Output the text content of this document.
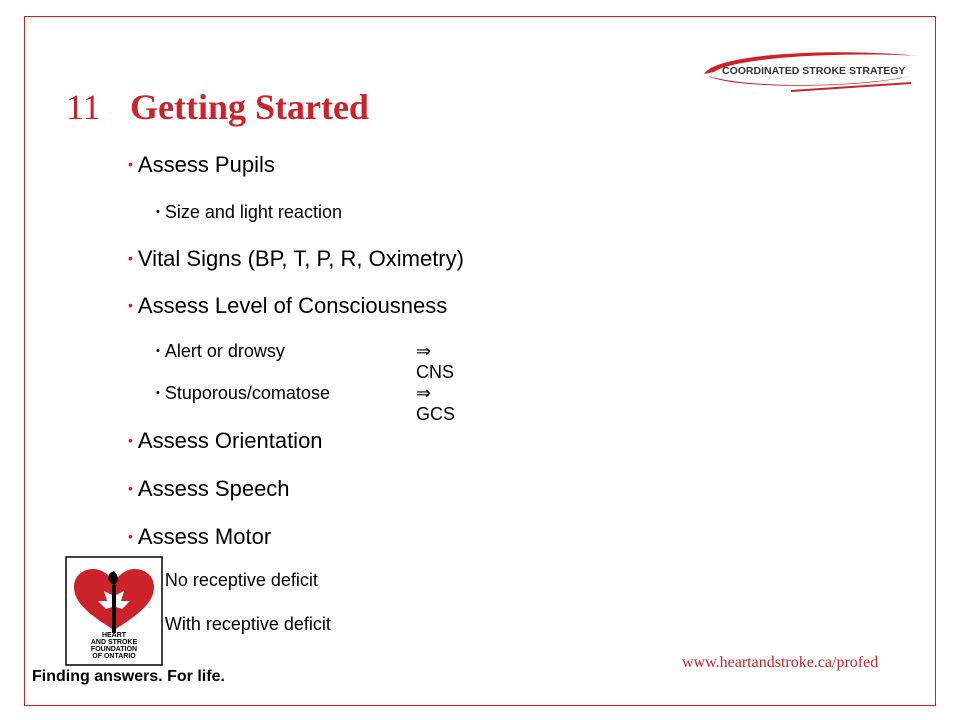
COORDINATED STROKE STRATEGY
11 Getting Started
• Assess Pupils
• Size and light reaction
• Vital Signs (BP, T, P, R, Oximetry)
• Assess Level of Consciousness
• Alert or drowsy	⇒ CNS
• Stuporous/comatose	⇒ GCS
• Assess Orientation
• Assess Speech
• Assess Motor
No receptive deficit
With receptive deficit
HEART
AND STROKE
FOUNDATION
OF ONTARIO
Finding answers. For life.
www.heartandstroke.ca/profed
